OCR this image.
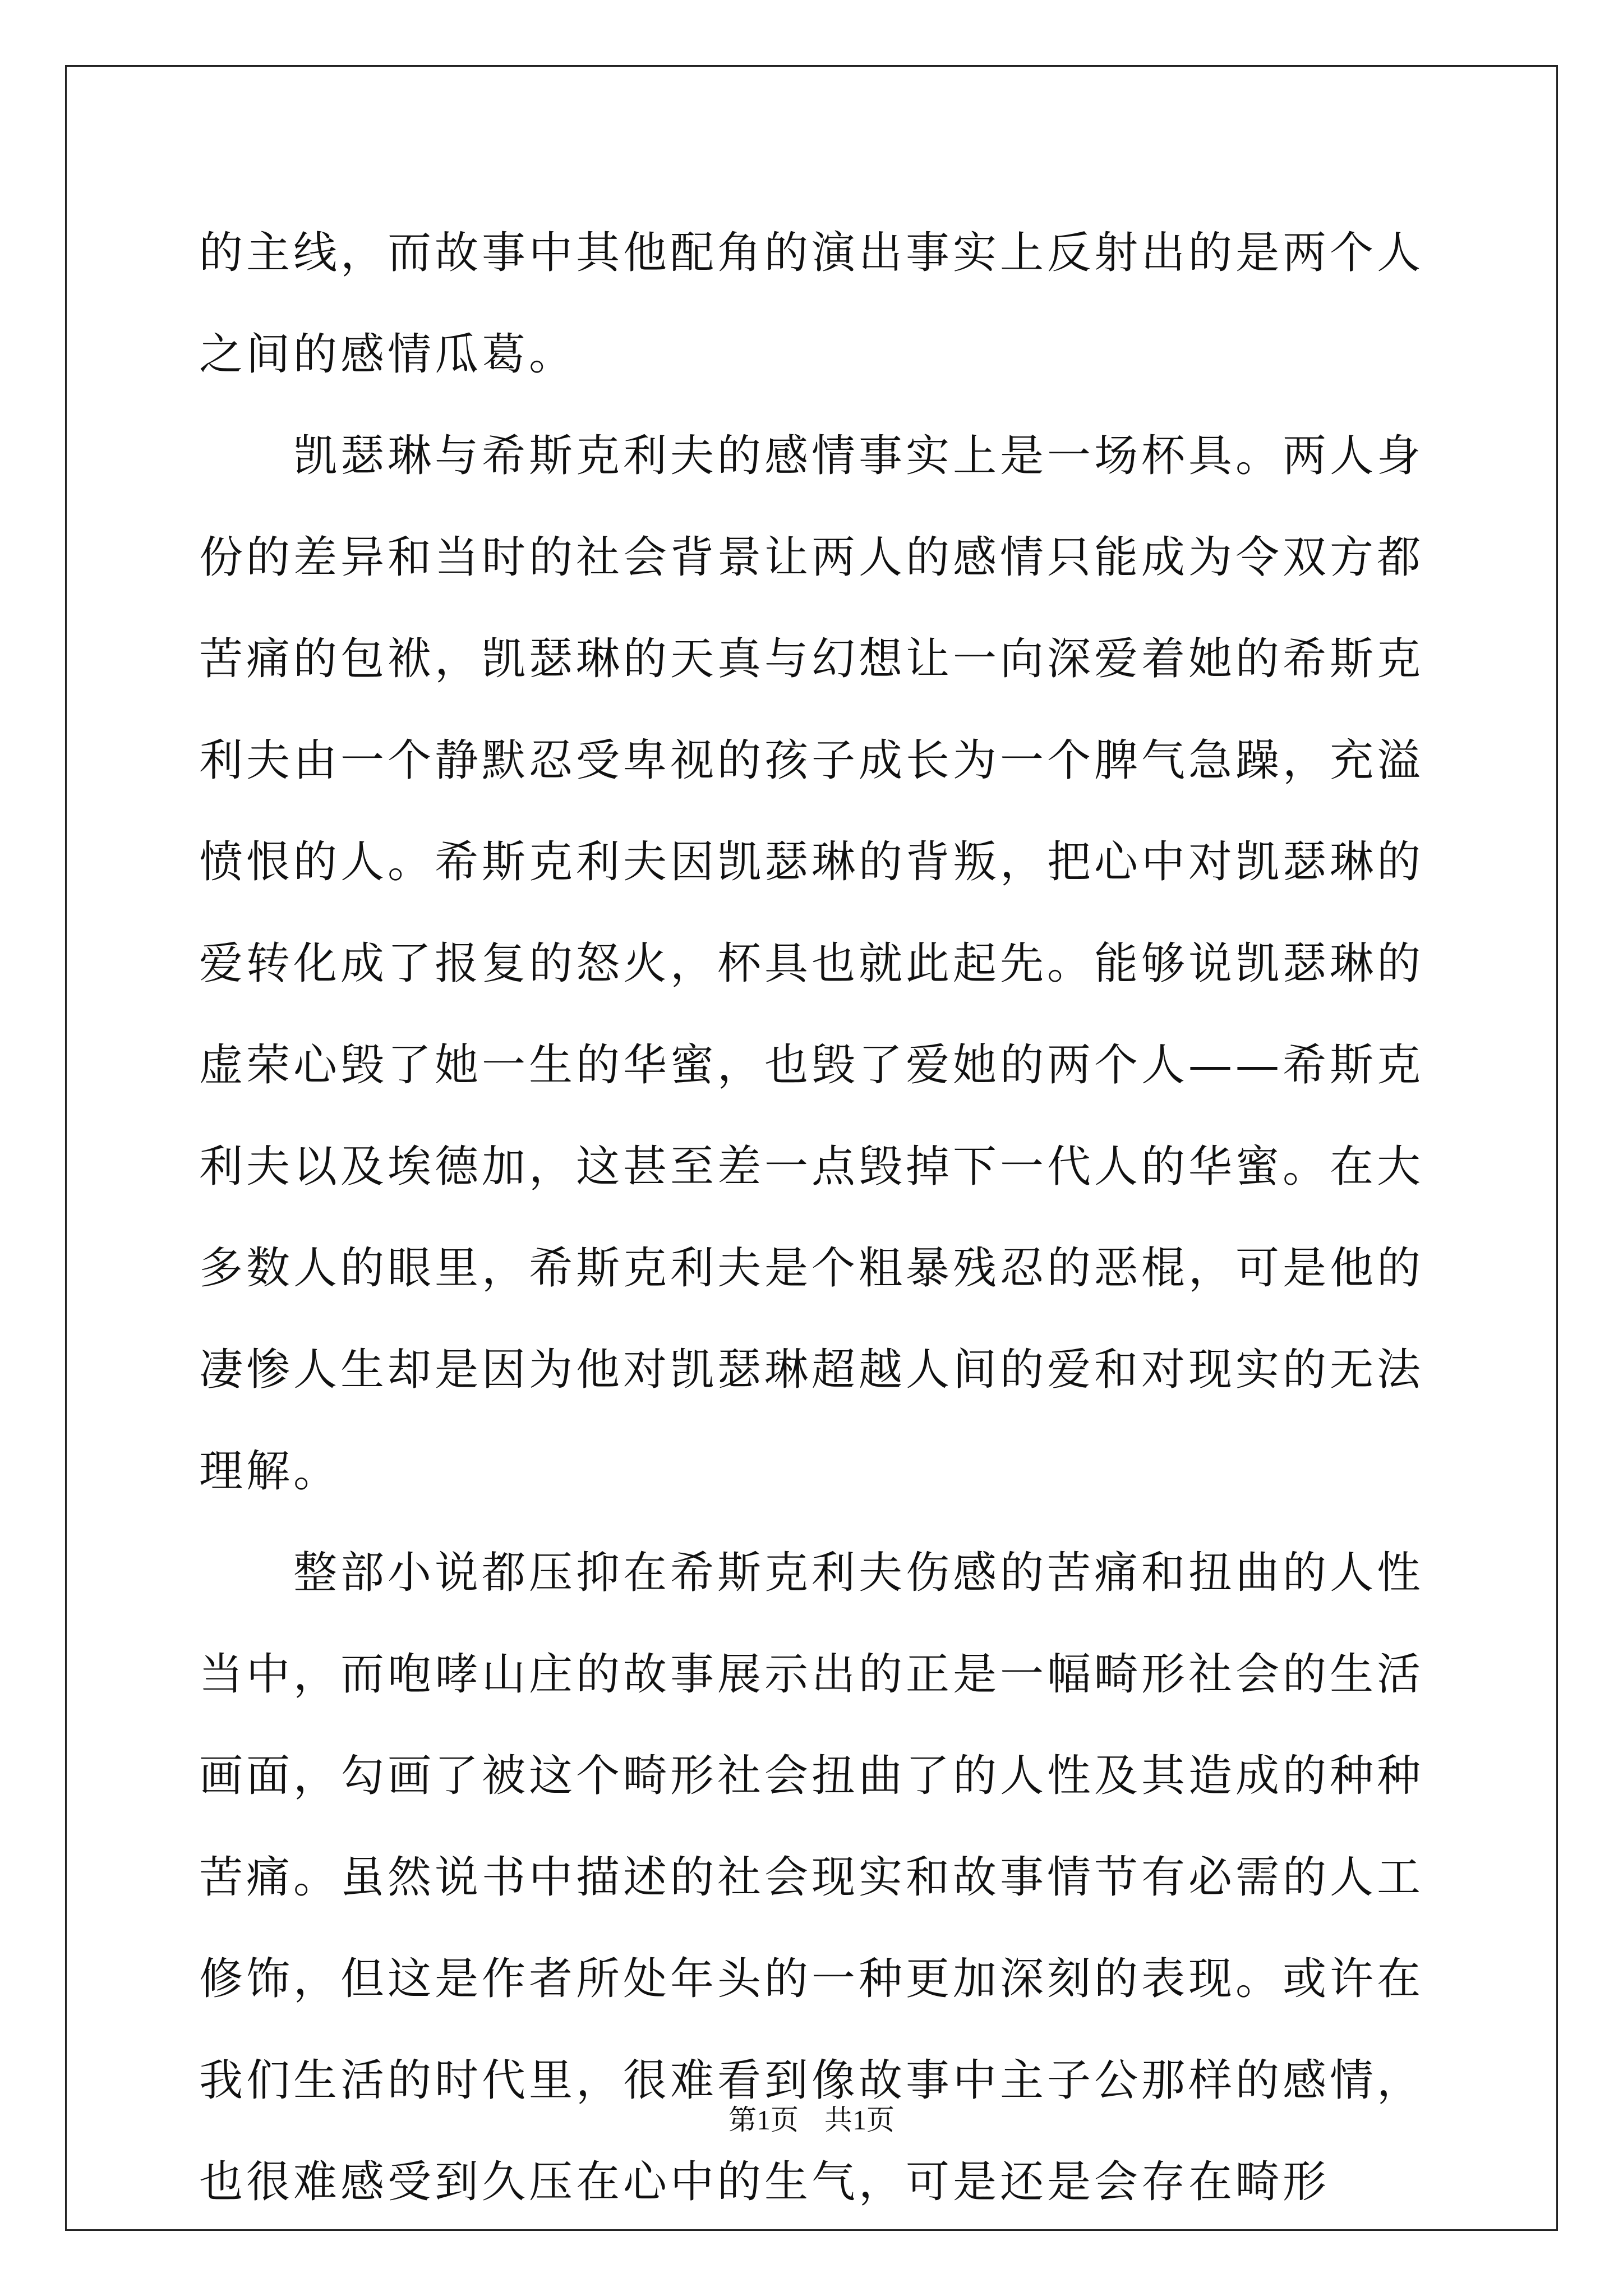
的主线，而故事中其他配角的演出事实上反射出的是两个人之间的感情瓜葛。

凯瑟琳与希斯克利夫的感情事实上是一场杯具。两人身份的差异和当时的社会背景让两人的感情只能成为令双方都苦痛的包袱，凯瑟琳的天真与幻想让一向深爱着她的希斯克利夫由一个静默忍受卑视的孩子成长为一个脾气急躁，充溢愤恨的人。希斯克利夫因凯瑟琳的背叛，把心中对凯瑟琳的爱转化成了报复的怒火，杯具也就此起先。能够说凯瑟琳的虚荣心毁了她一生的华蜜，也毁了爱她的两个人——希斯克利夫以及埃德加，这甚至差一点毁掉下一代人的华蜜。在大多数人的眼里，希斯克利夫是个粗暴残忍的恶棍，可是他的凄惨人生却是因为他对凯瑟琳超越人间的爱和对现实的无法理解。

整部小说都压抑在希斯克利夫伤感的苦痛和扭曲的人性当中，而咆哮山庄的故事展示出的正是一幅畸形社会的生活画面，勾画了被这个畸形社会扭曲了的人性及其造成的种种苦痛。虽然说书中描述的社会现实和故事情节有必需的人工修饰，但这是作者所处年头的一种更加深刻的表现。或许在我们生活的时代里，很难看到像故事中主子公那样的感情，也很难感受到久压在心中的生气，可是还是会存在畸形

第1页 共1页
